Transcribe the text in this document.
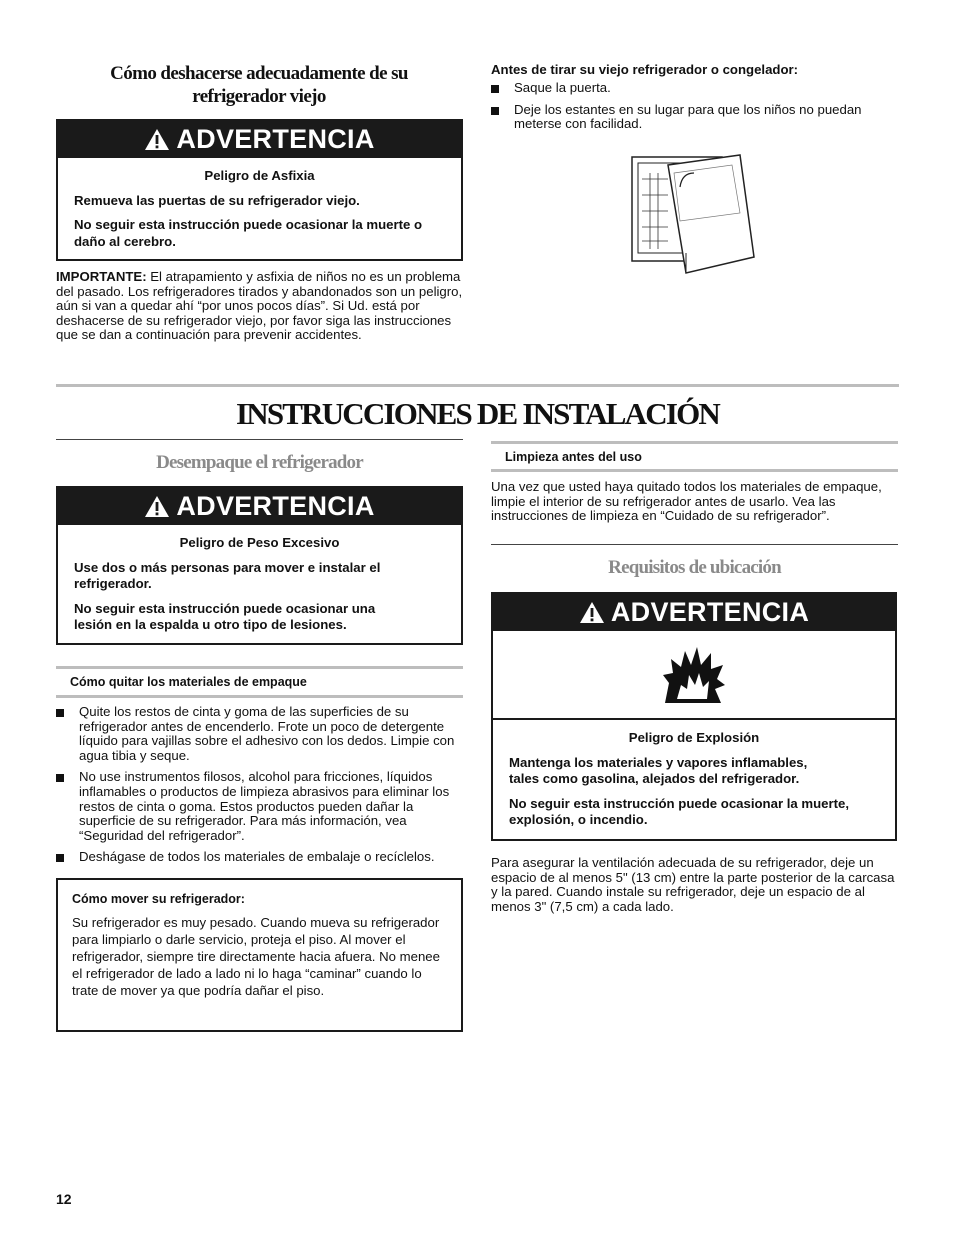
Cómo deshacerse adecuadamente de su
refrigerador viejo
ADVERTENCIA

Peligro de Asfixia

Remueva las puertas de su refrigerador viejo.

No seguir esta instrucción puede ocasionar la muerte o daño al cerebro.

IMPORTANTE: El atrapamiento y asfixia de niños no es un problema del pasado. Los refrigeradores tirados y abandonados son un peligro, aún si van a quedar ahí “por unos pocos días”. Si Ud. está por deshacerse de su refrigerador viejo, por favor siga las instrucciones que se dan a continuación para prevenir accidentes.
Antes de tirar su viejo refrigerador o congelador:
Saque la puerta.
Deje los estantes en su lugar para que los niños no puedan meterse con facilidad.
INSTRUCCIONES DE INSTALACIÓN
Desempaque el refrigerador
ADVERTENCIA

Peligro de Peso Excesivo

Use dos o más personas para mover e instalar el refrigerador.

No seguir esta instrucción puede ocasionar una lesión en la espalda u otro tipo de lesiones.

Cómo quitar los materiales de empaque
Quite los restos de cinta y goma de las superficies de su refrigerador antes de encenderlo. Frote un poco de detergente líquido para vajillas sobre el adhesivo con los dedos. Limpie con agua tibia y seque.
No use instrumentos filosos, alcohol para fricciones, líquidos inflamables o productos de limpieza abrasivos para eliminar los restos de cinta o goma. Estos productos pueden dañar la superficie de su refrigerador. Para más información, vea “Seguridad del refrigerador”.
Deshágase de todos los materiales de embalaje o recíclelos.
Cómo mover su refrigerador:
Su refrigerador es muy pesado. Cuando mueva su refrigerador para limpiarlo o darle servicio, proteja el piso. Al mover el refrigerador, siempre tire directamente hacia afuera. No menee el refrigerador de lado a lado ni lo haga “caminar” cuando lo trate de mover ya que podría dañar el piso.
Limpieza antes del uso
Una vez que usted haya quitado todos los materiales de empaque, limpie el interior de su refrigerador antes de usarlo. Vea las instrucciones de limpieza en “Cuidado de su refrigerador”.
Requisitos de ubicación
ADVERTENCIA

Peligro de Explosión

Mantenga los materiales y vapores inflamables, tales como gasolina, alejados del refrigerador.

No seguir esta instrucción puede ocasionar la muerte, explosión, o incendio.

Para asegurar la ventilación adecuada de su refrigerador, deje un espacio de al menos 5" (13 cm) entre la parte posterior de la carcasa y la pared. Cuando instale su refrigerador, deje un espacio de al menos 3" (7,5 cm) a cada lado.
12
